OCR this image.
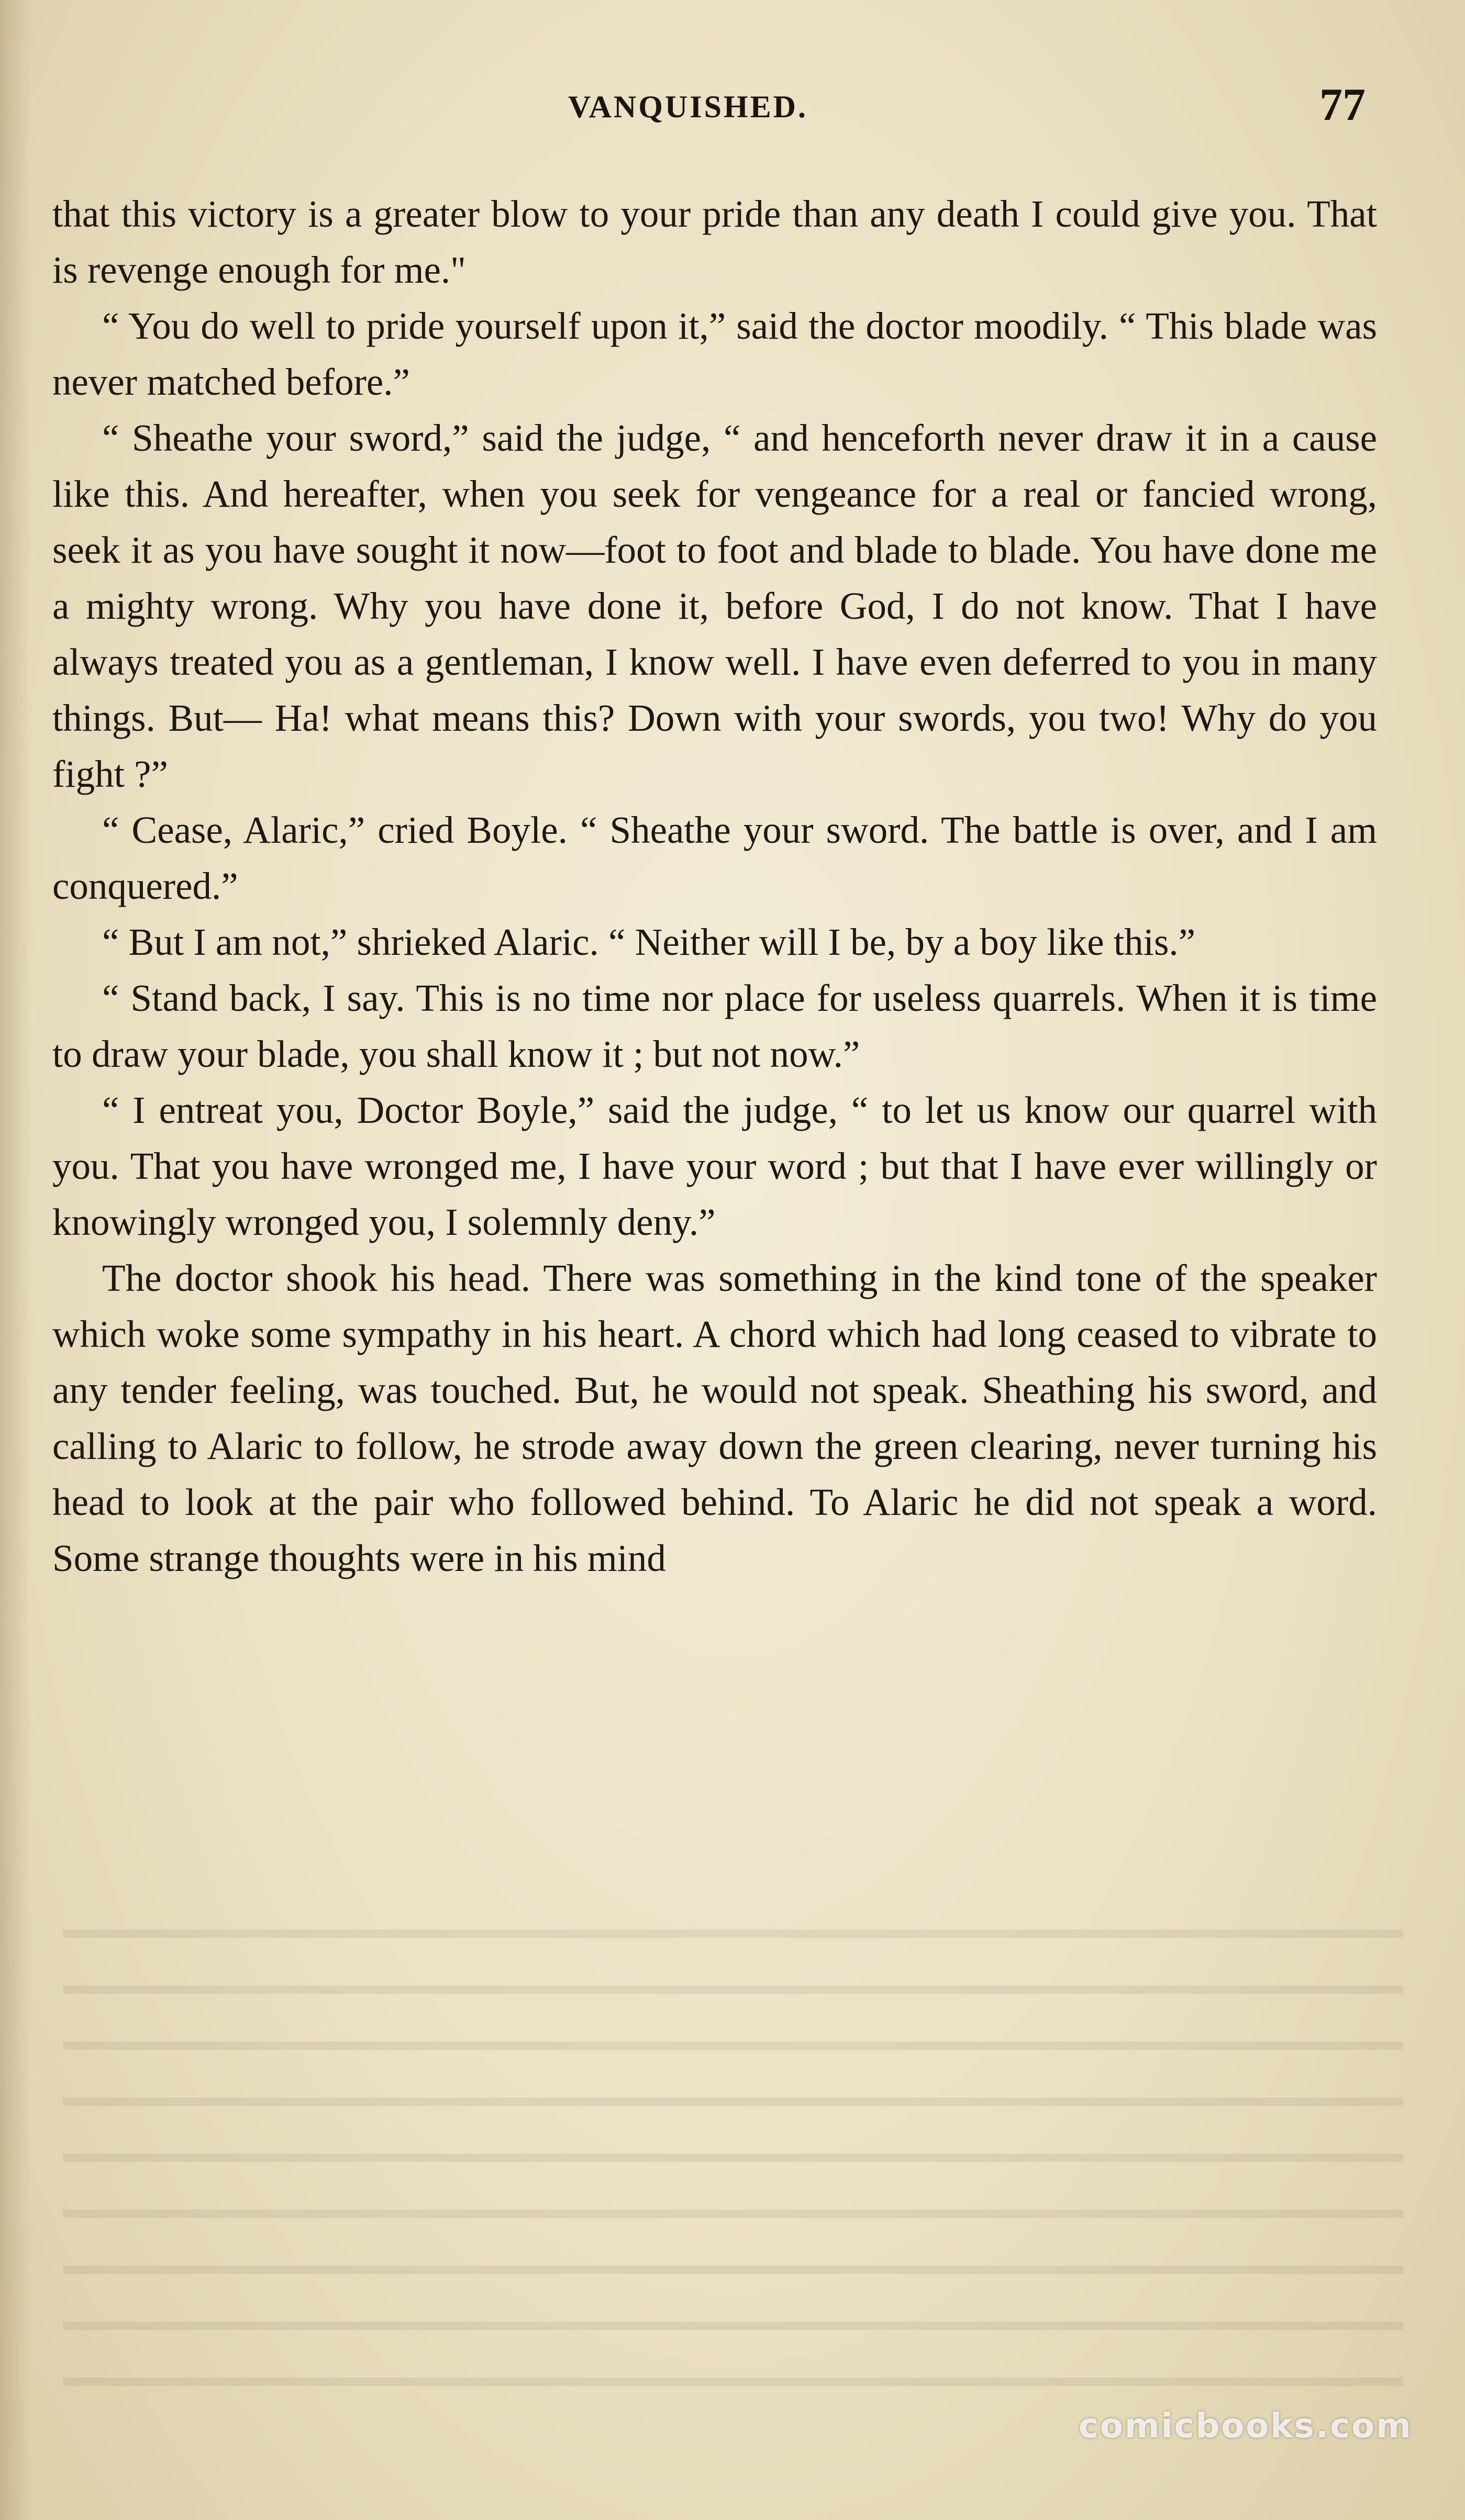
VANQUISHED.	77

that this victory is a greater blow to your pride than any death I could give you. That is revenge enough for me."

“ You do well to pride yourself upon it,” said the doctor moodily. “ This blade was never matched before.”

“ Sheathe your sword,” said the judge, “ and henceforth never draw it in a cause like this. And hereafter, when you seek for vengeance for a real or fancied wrong, seek it as you have sought it now—foot to foot and blade to blade. You have done me a mighty wrong. Why you have done it, before God, I do not know. That I have always treated you as a gentleman, I know well. I have even deferred to you in many things. But— Ha! what means this? Down with your swords, you two! Why do you fight ?”

“ Cease, Alaric,” cried Boyle. “ Sheathe your sword. The battle is over, and I am conquered.”

“ But I am not,” shrieked Alaric. “ Neither will I be, by a boy like this.”

“ Stand back, I say. This is no time nor place for useless quarrels. When it is time to draw your blade, you shall know it ; but not now.”

“ I entreat you, Doctor Boyle,” said the judge, “ to let us know our quarrel with you. That you have wronged me, I have your word ; but that I have ever willingly or knowingly wronged you, I solemnly deny.”

The doctor shook his head. There was something in the kind tone of the speaker which woke some sympathy in his heart. A chord which had long ceased to vibrate to any tender feeling, was touched. But, he would not speak. Sheathing his sword, and calling to Alaric to follow, he strode away down the green clearing, never turning his head to look at the pair who followed behind. To Alaric he did not speak a word. Some strange thoughts were in his mind

comicbooks.com
